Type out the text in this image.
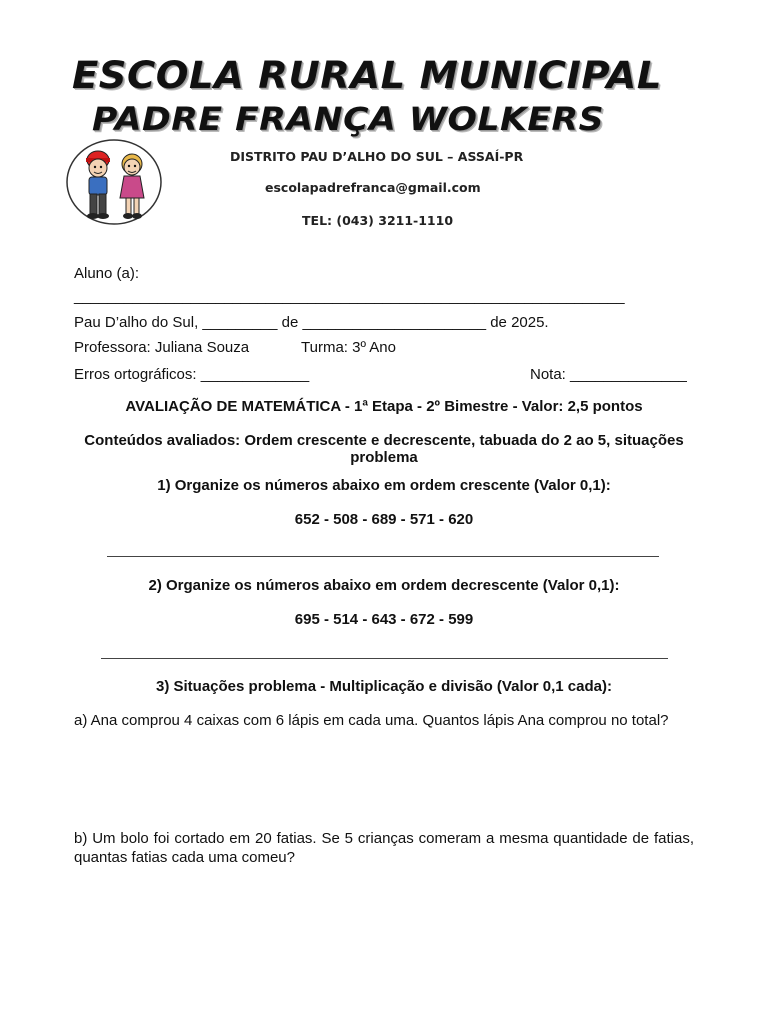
ESCOLA RURAL MUNICIPAL
PADRE FRANÇA WOLKERS
DISTRITO PAU D’ALHO DO SUL – ASSAÍ-PR
escolapadrefranca@gmail.com
TEL: (043) 3211-1110
Aluno (a):
__________________________________________________________________
Pau D’alho do Sul, _________ de ______________________ de 2025.
Professora: Juliana Souza	Turma: 3º Ano
Erros ortográficos: _____________	Nota: ______________
AVALIAÇÃO DE MATEMÁTICA - 1ª Etapa - 2º Bimestre - Valor: 2,5 pontos
Conteúdos avaliados: Ordem crescente e decrescente, tabuada do 2 ao 5, situações problema
1) Organize os números abaixo em ordem crescente (Valor 0,1):
652 - 508 - 689 - 571 - 620
2) Organize os números abaixo em ordem decrescente (Valor 0,1):
695 - 514 - 643 - 672 - 599
3) Situações problema - Multiplicação e divisão (Valor 0,1 cada):
a) Ana comprou 4 caixas com 6 lápis em cada uma. Quantos lápis Ana comprou no total?
b) Um bolo foi cortado em 20 fatias. Se 5 crianças comeram a mesma quantidade de fatias, quantas fatias cada uma comeu?
